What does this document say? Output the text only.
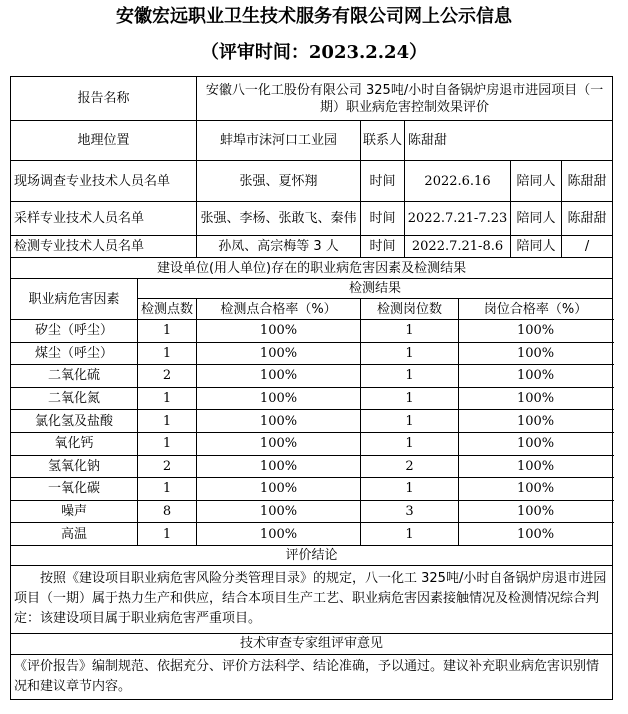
安徽宏远职业卫生技术服务有限公司网上公示信息
（评审时间：2023.2.24）
报告名称		安徽八一化工股份有限公司 325吨/小时自备锅炉房退市进园项目（一期）职业病危害控制效果评价					
地理位置		蚌埠市沫河口工业园	联系人	陈甜甜			
现场调查专业技术人员名单		张强、夏怀翔	时间	2022.6.16		陪同人	陈甜甜
采样专业技术人员名单		张强、李杨、张敢飞、秦伟	时间	2022.7.21-7.23		陪同人	陈甜甜
检测专业技术人员名单		孙凤、高宗梅等 3 人	时间	2022.7.21-8.6		陪同人	/
建设单位(用人单位)存在的职业病危害因素及检测结果							
职业病危害因素	检测结果						
	检测点数	检测点合格率（%）	检测岗位数		岗位合格率（%）		
矽尘（呼尘）	1	100%	1		100%		
煤尘（呼尘）	1	100%	1		100%		
二氧化硫	2	100%	1		100%		
二氧化氮	1	100%	1		100%		
氯化氢及盐酸	1	100%	1		100%		
氧化钙	1	100%	1		100%		
氢氧化钠	2	100%	2		100%		
一氧化碳	1	100%	1		100%		
噪声	8	100%	3		100%		
高温	1	100%	1		100%		
评价结论							
按照《建设项目职业病危害风险分类管理目录》的规定，八一化工 325吨/小时自备锅炉房退市进园项目（一期）属于热力生产和供应，结合本项目生产工艺、职业病危害因素接触情况及检测情况综合判定：该建设项目属于职业病危害严重项目。							
技术审查专家组评审意见							
《评价报告》编制规范、依据充分、评价方法科学、结论准确，予以通过。建议补充职业病危害识别情况和建议章节内容。							
